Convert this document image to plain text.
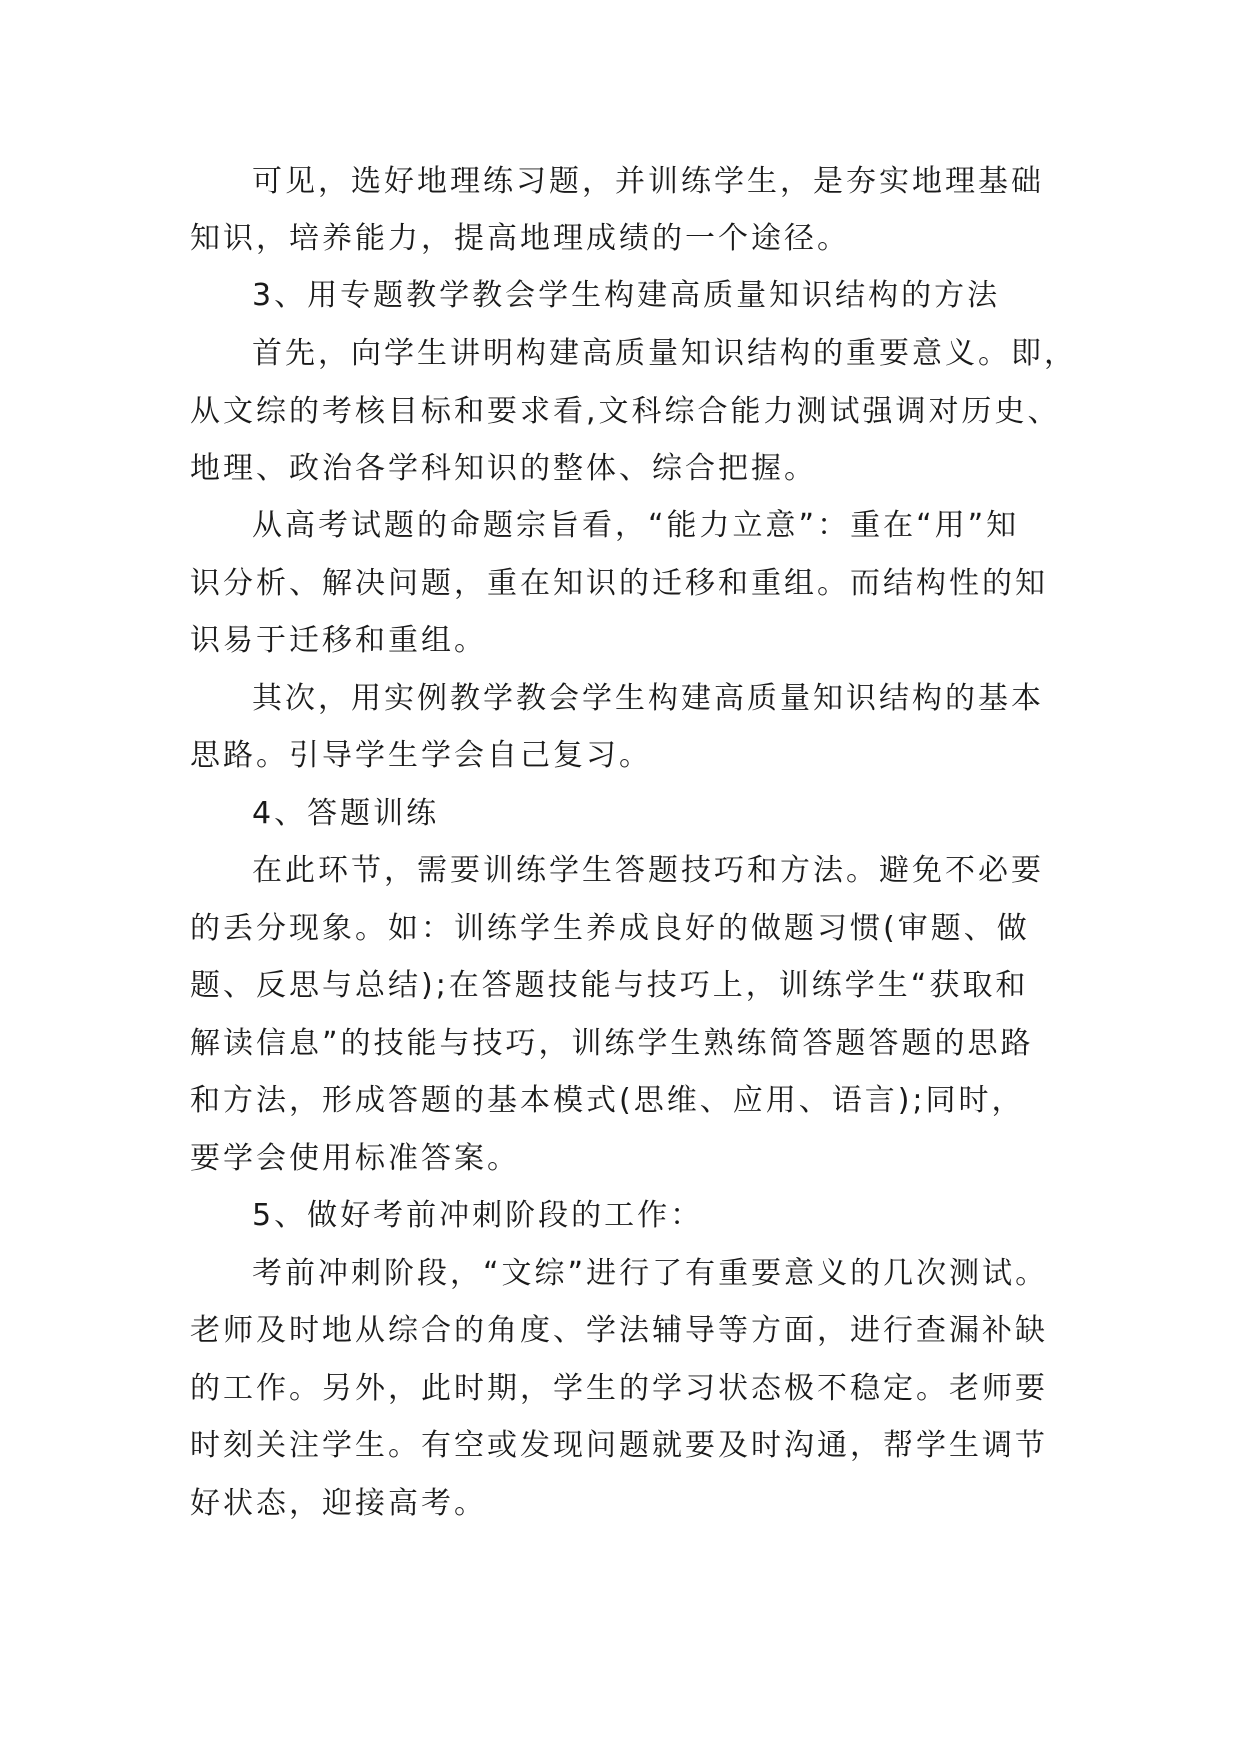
可见，选好地理练习题，并训练学生，是夯实地理基础
知识，培养能力，提高地理成绩的一个途径。
3、用专题教学教会学生构建高质量知识结构的方法
首先，向学生讲明构建高质量知识结构的重要意义。即，
从文综的考核目标和要求看,文科综合能力测试强调对历史、
地理、政治各学科知识的整体、综合把握。
从高考试题的命题宗旨看，“能力立意”：重在“用”知
识分析、解决问题，重在知识的迁移和重组。而结构性的知
识易于迁移和重组。
其次，用实例教学教会学生构建高质量知识结构的基本
思路。引导学生学会自己复习。
4、答题训练
在此环节，需要训练学生答题技巧和方法。避免不必要
的丢分现象。如：训练学生养成良好的做题习惯(审题、做
题、反思与总结);在答题技能与技巧上，训练学生“获取和
解读信息”的技能与技巧，训练学生熟练简答题答题的思路
和方法，形成答题的基本模式(思维、应用、语言);同时，
要学会使用标准答案。
5、做好考前冲刺阶段的工作：
考前冲刺阶段，“文综”进行了有重要意义的几次测试。
老师及时地从综合的角度、学法辅导等方面，进行查漏补缺
的工作。另外，此时期，学生的学习状态极不稳定。老师要
时刻关注学生。有空或发现问题就要及时沟通，帮学生调节
好状态，迎接高考。
